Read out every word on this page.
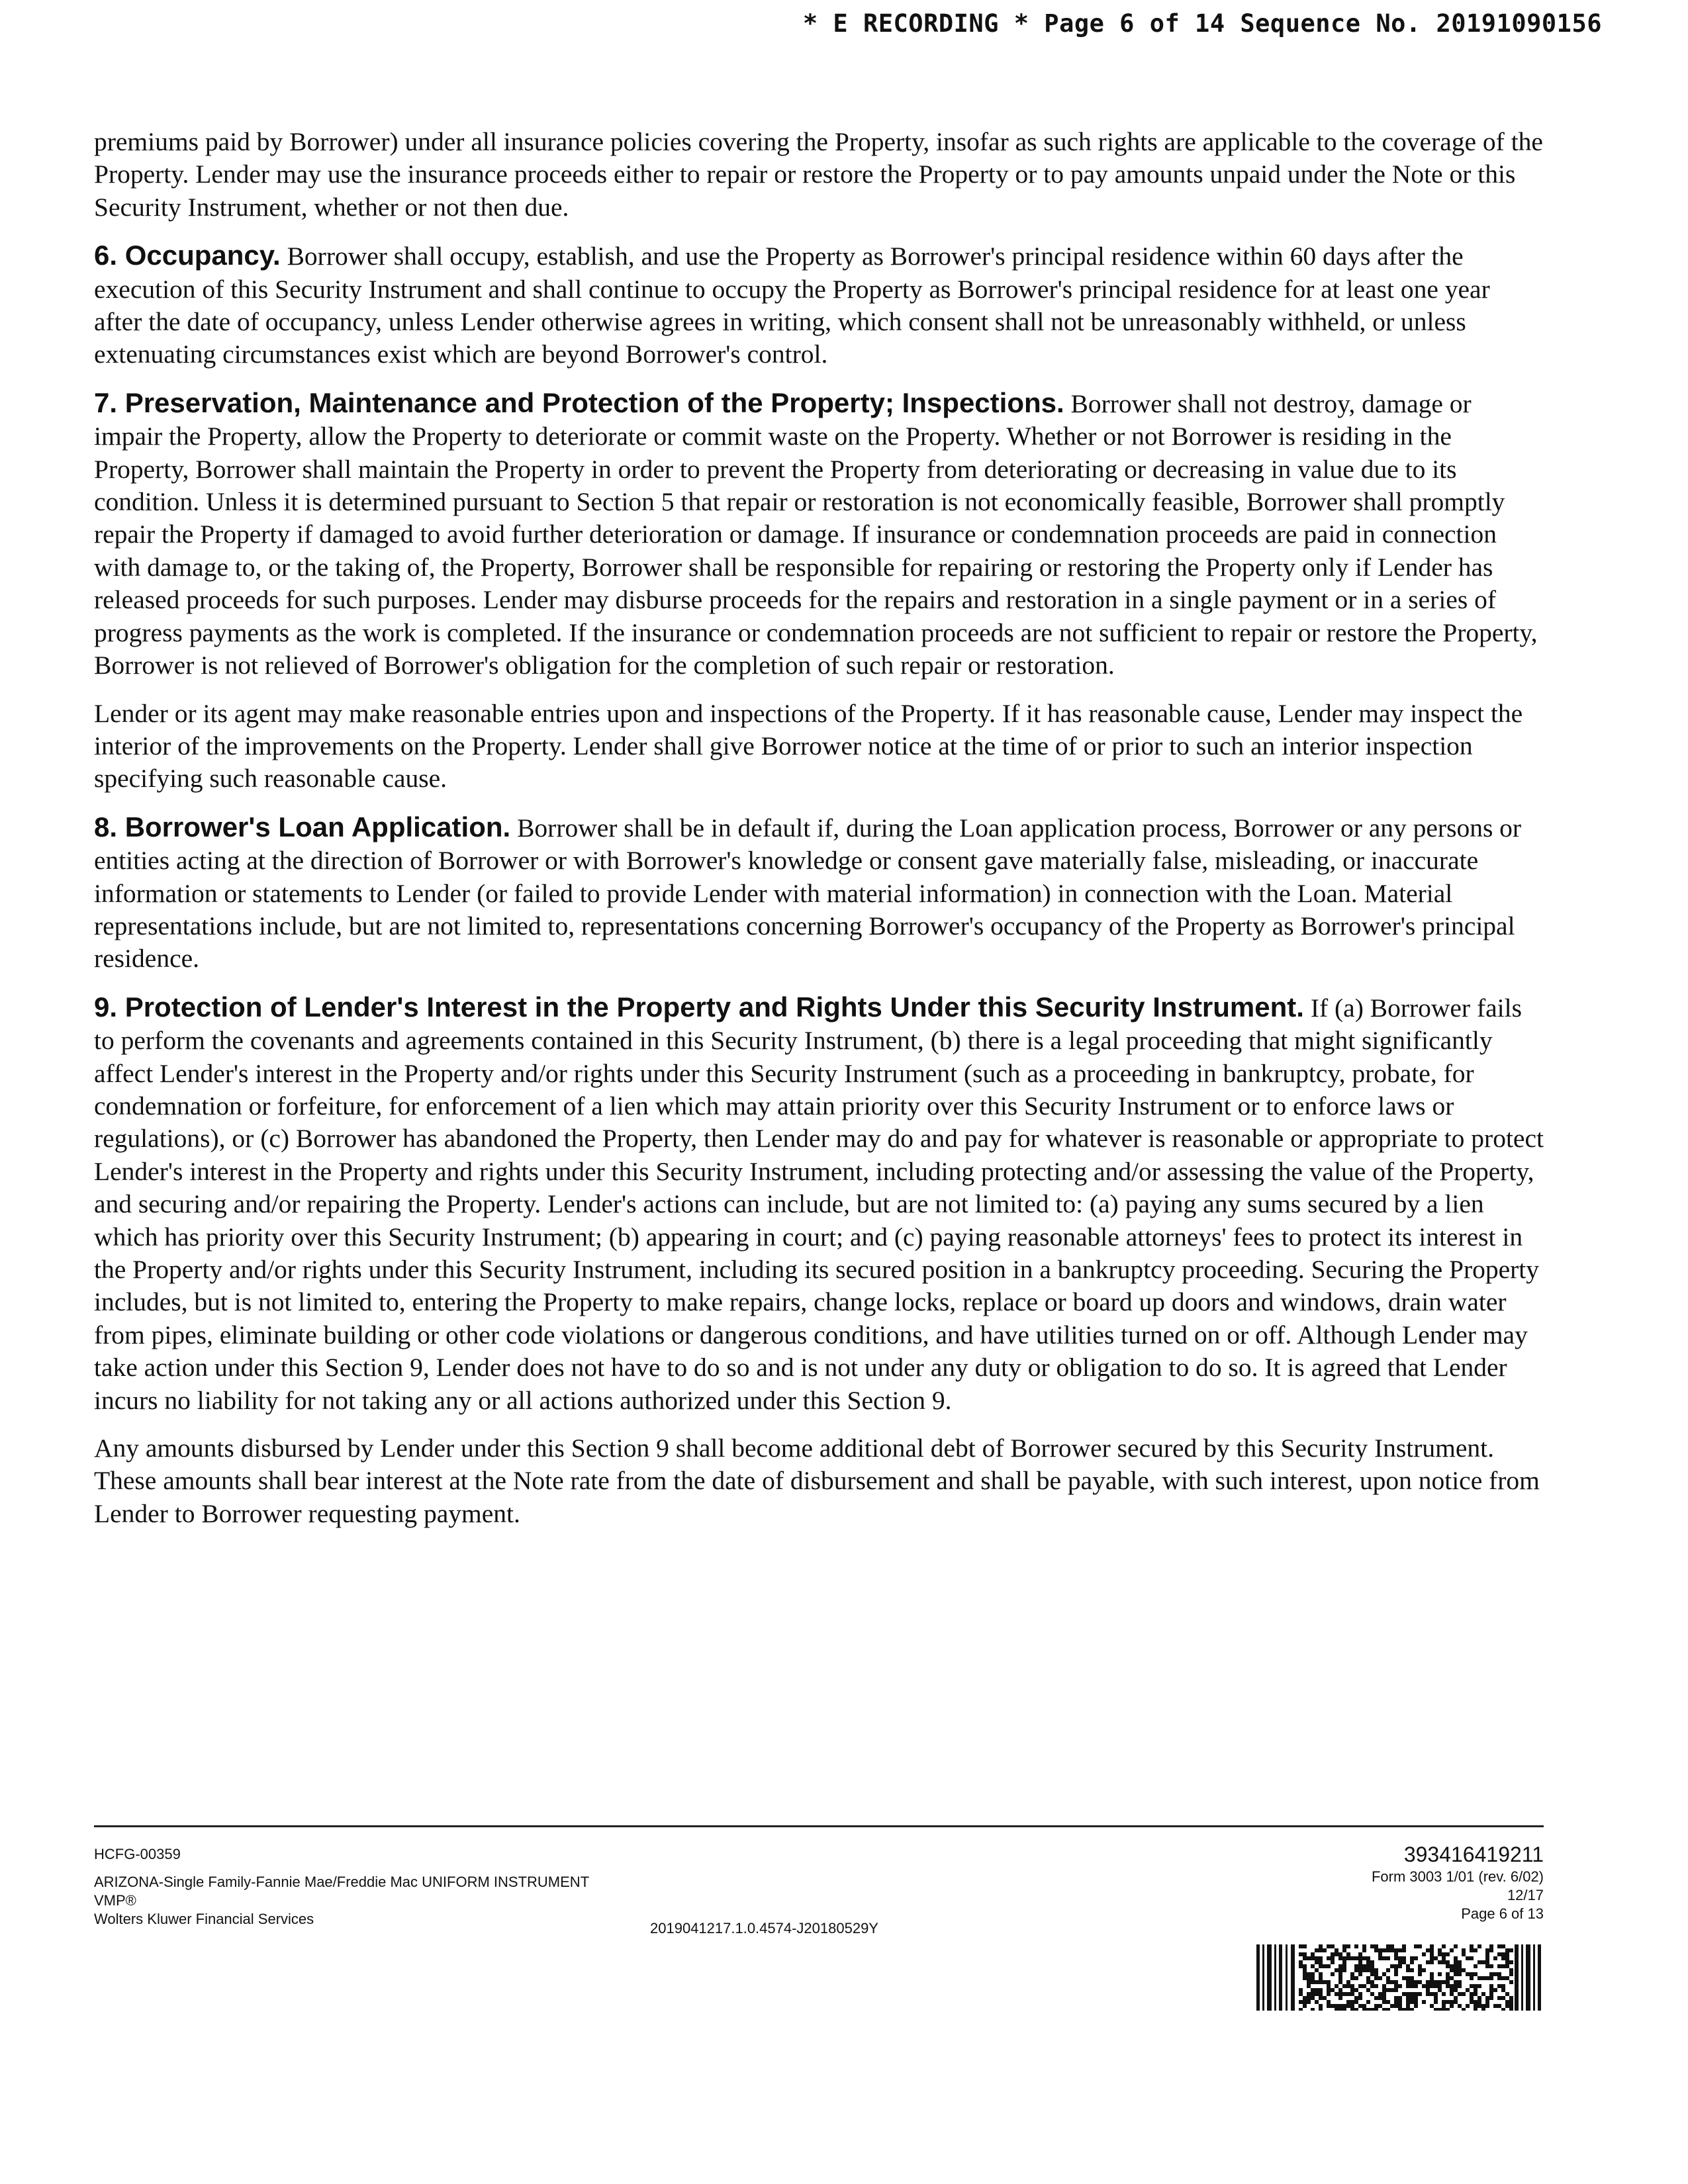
* E RECORDING * Page 6 of 14 Sequence No. 20191090156

premiums paid by Borrower) under all insurance policies covering the Property, insofar as such rights are applicable to the coverage of the Property. Lender may use the insurance proceeds either to repair or restore the Property or to pay amounts unpaid under the Note or this Security Instrument, whether or not then due.

6. Occupancy. Borrower shall occupy, establish, and use the Property as Borrower's principal residence within 60 days after the execution of this Security Instrument and shall continue to occupy the Property as Borrower's principal residence for at least one year after the date of occupancy, unless Lender otherwise agrees in writing, which consent shall not be unreasonably withheld, or unless extenuating circumstances exist which are beyond Borrower's control.

7. Preservation, Maintenance and Protection of the Property; Inspections. Borrower shall not destroy, damage or impair the Property, allow the Property to deteriorate or commit waste on the Property. Whether or not Borrower is residing in the Property, Borrower shall maintain the Property in order to prevent the Property from deteriorating or decreasing in value due to its condition. Unless it is determined pursuant to Section 5 that repair or restoration is not economically feasible, Borrower shall promptly repair the Property if damaged to avoid further deterioration or damage. If insurance or condemnation proceeds are paid in connection with damage to, or the taking of, the Property, Borrower shall be responsible for repairing or restoring the Property only if Lender has released proceeds for such purposes. Lender may disburse proceeds for the repairs and restoration in a single payment or in a series of progress payments as the work is completed. If the insurance or condemnation proceeds are not sufficient to repair or restore the Property, Borrower is not relieved of Borrower's obligation for the completion of such repair or restoration.

Lender or its agent may make reasonable entries upon and inspections of the Property. If it has reasonable cause, Lender may inspect the interior of the improvements on the Property. Lender shall give Borrower notice at the time of or prior to such an interior inspection specifying such reasonable cause.

8. Borrower's Loan Application. Borrower shall be in default if, during the Loan application process, Borrower or any persons or entities acting at the direction of Borrower or with Borrower's knowledge or consent gave materially false, misleading, or inaccurate information or statements to Lender (or failed to provide Lender with material information) in connection with the Loan. Material representations include, but are not limited to, representations concerning Borrower's occupancy of the Property as Borrower's principal residence.

9. Protection of Lender's Interest in the Property and Rights Under this Security Instrument. If (a) Borrower fails to perform the covenants and agreements contained in this Security Instrument, (b) there is a legal proceeding that might significantly affect Lender's interest in the Property and/or rights under this Security Instrument (such as a proceeding in bankruptcy, probate, for condemnation or forfeiture, for enforcement of a lien which may attain priority over this Security Instrument or to enforce laws or regulations), or (c) Borrower has abandoned the Property, then Lender may do and pay for whatever is reasonable or appropriate to protect Lender's interest in the Property and rights under this Security Instrument, including protecting and/or assessing the value of the Property, and securing and/or repairing the Property. Lender's actions can include, but are not limited to: (a) paying any sums secured by a lien which has priority over this Security Instrument; (b) appearing in court; and (c) paying reasonable attorneys' fees to protect its interest in the Property and/or rights under this Security Instrument, including its secured position in a bankruptcy proceeding. Securing the Property includes, but is not limited to, entering the Property to make repairs, change locks, replace or board up doors and windows, drain water from pipes, eliminate building or other code violations or dangerous conditions, and have utilities turned on or off. Although Lender may take action under this Section 9, Lender does not have to do so and is not under any duty or obligation to do so. It is agreed that Lender incurs no liability for not taking any or all actions authorized under this Section 9.

Any amounts disbursed by Lender under this Section 9 shall become additional debt of Borrower secured by this Security Instrument. These amounts shall bear interest at the Note rate from the date of disbursement and shall be payable, with such interest, upon notice from Lender to Borrower requesting payment.

HCFG-00359
ARIZONA-Single Family-Fannie Mae/Freddie Mac UNIFORM INSTRUMENT
VMP®
Wolters Kluwer Financial Services
2019041217.1.0.4574-J20180529Y
393416419211
Form 3003 1/01 (rev. 6/02)
12/17
Page 6 of 13
